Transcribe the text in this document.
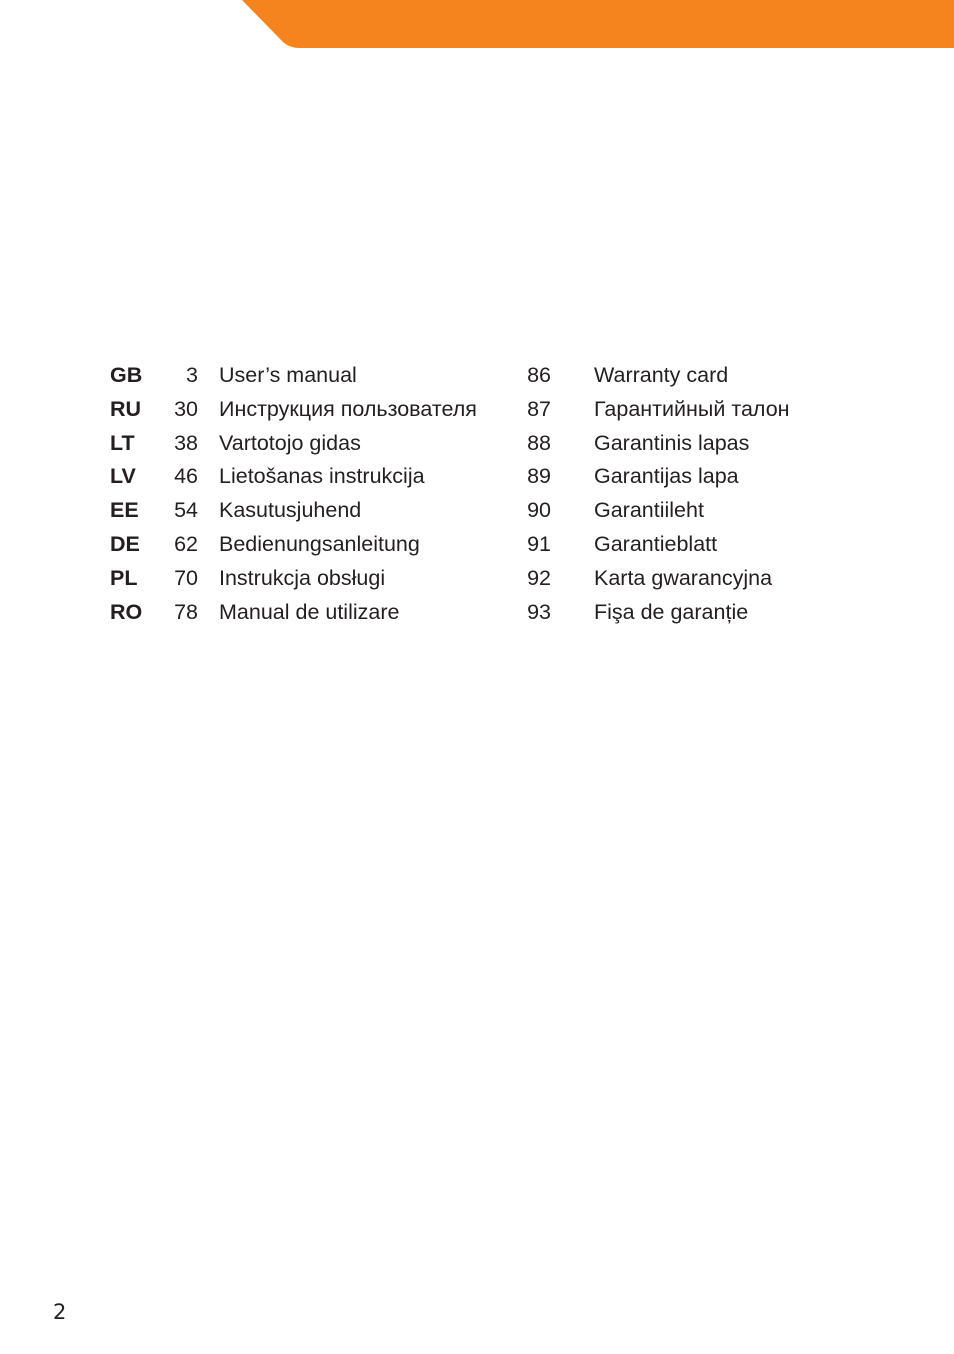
GB	3 User’s manual	86 Warranty card
RU	30 Инструкция пользователя	87 Гарантийный талон
LT	38 Vartotojo gidas	88 Garantinis lapas
LV	46 Lietošanas instrukcija	89 Garantijas lapa
EE	54 Kasutusjuhend	90 Garantiileht
DE	62 Bedienungsanleitung	91 Garantieblatt
PL	70 Instrukcja obsługi	92 Karta gwarancyjna
RO	78 Manual de utilizare	93 Fişa de garanție
2
